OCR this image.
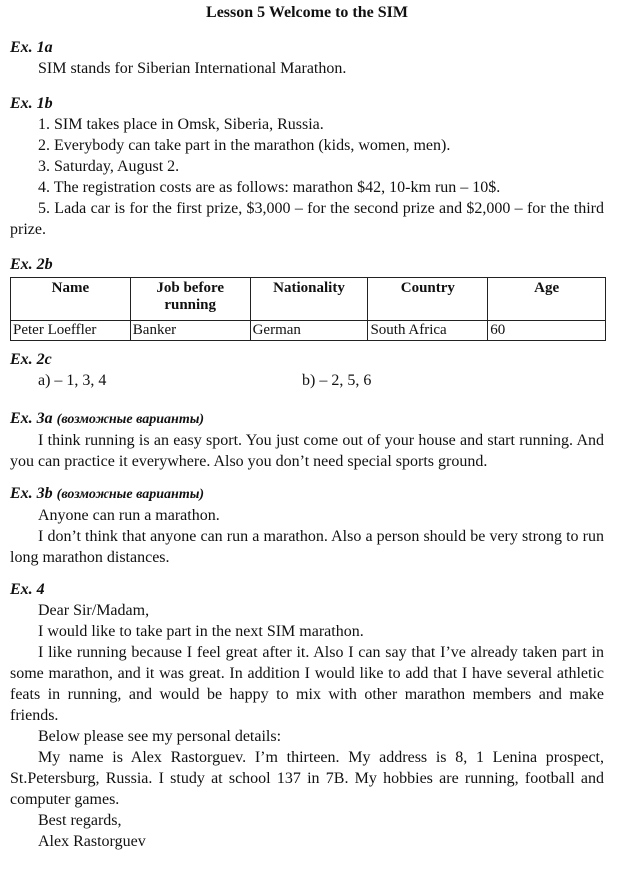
Lesson 5 Welcome to the SIM
Ex. 1a
SIM stands for Siberian International Marathon.
Ex. 1b
1. SIM takes place in Omsk, Siberia, Russia.
2. Everybody can take part in the marathon (kids, women, men).
3. Saturday, August 2.
4. The registration costs are as follows: marathon $42, 10-km run – 10$.
5. Lada car is for the first prize, $3,000 – for the second prize and $2,000 – for the third prize.
Ex. 2b
Name	Job before running	Nationality	Country	Age
Peter Loeffler	Banker	German	South Africa	60
Ex. 2c
a) – 1, 3, 4	b) – 2, 5, 6
Ex. 3a (возможные варианты)
I think running is an easy sport. You just come out of your house and start running. And you can practice it everywhere. Also you don’t need special sports ground.
Ex. 3b (возможные варианты)
Anyone can run a marathon.
I don’t think that anyone can run a marathon. Also a person should be very strong to run long marathon distances.
Ex. 4
Dear Sir/Madam,
I would like to take part in the next SIM marathon.
I like running because I feel great after it. Also I can say that I’ve already taken part in some marathon, and it was great. In addition I would like to add that I have several athletic feats in running, and would be happy to mix with other marathon members and make friends.
Below please see my personal details:
My name is Alex Rastorguev. I’m thirteen. My address is 8, 1 Lenina prospect, St.Petersburg, Russia. I study at school 137 in 7B. My hobbies are running, football and computer games.
Best regards,
Alex Rastorguev
